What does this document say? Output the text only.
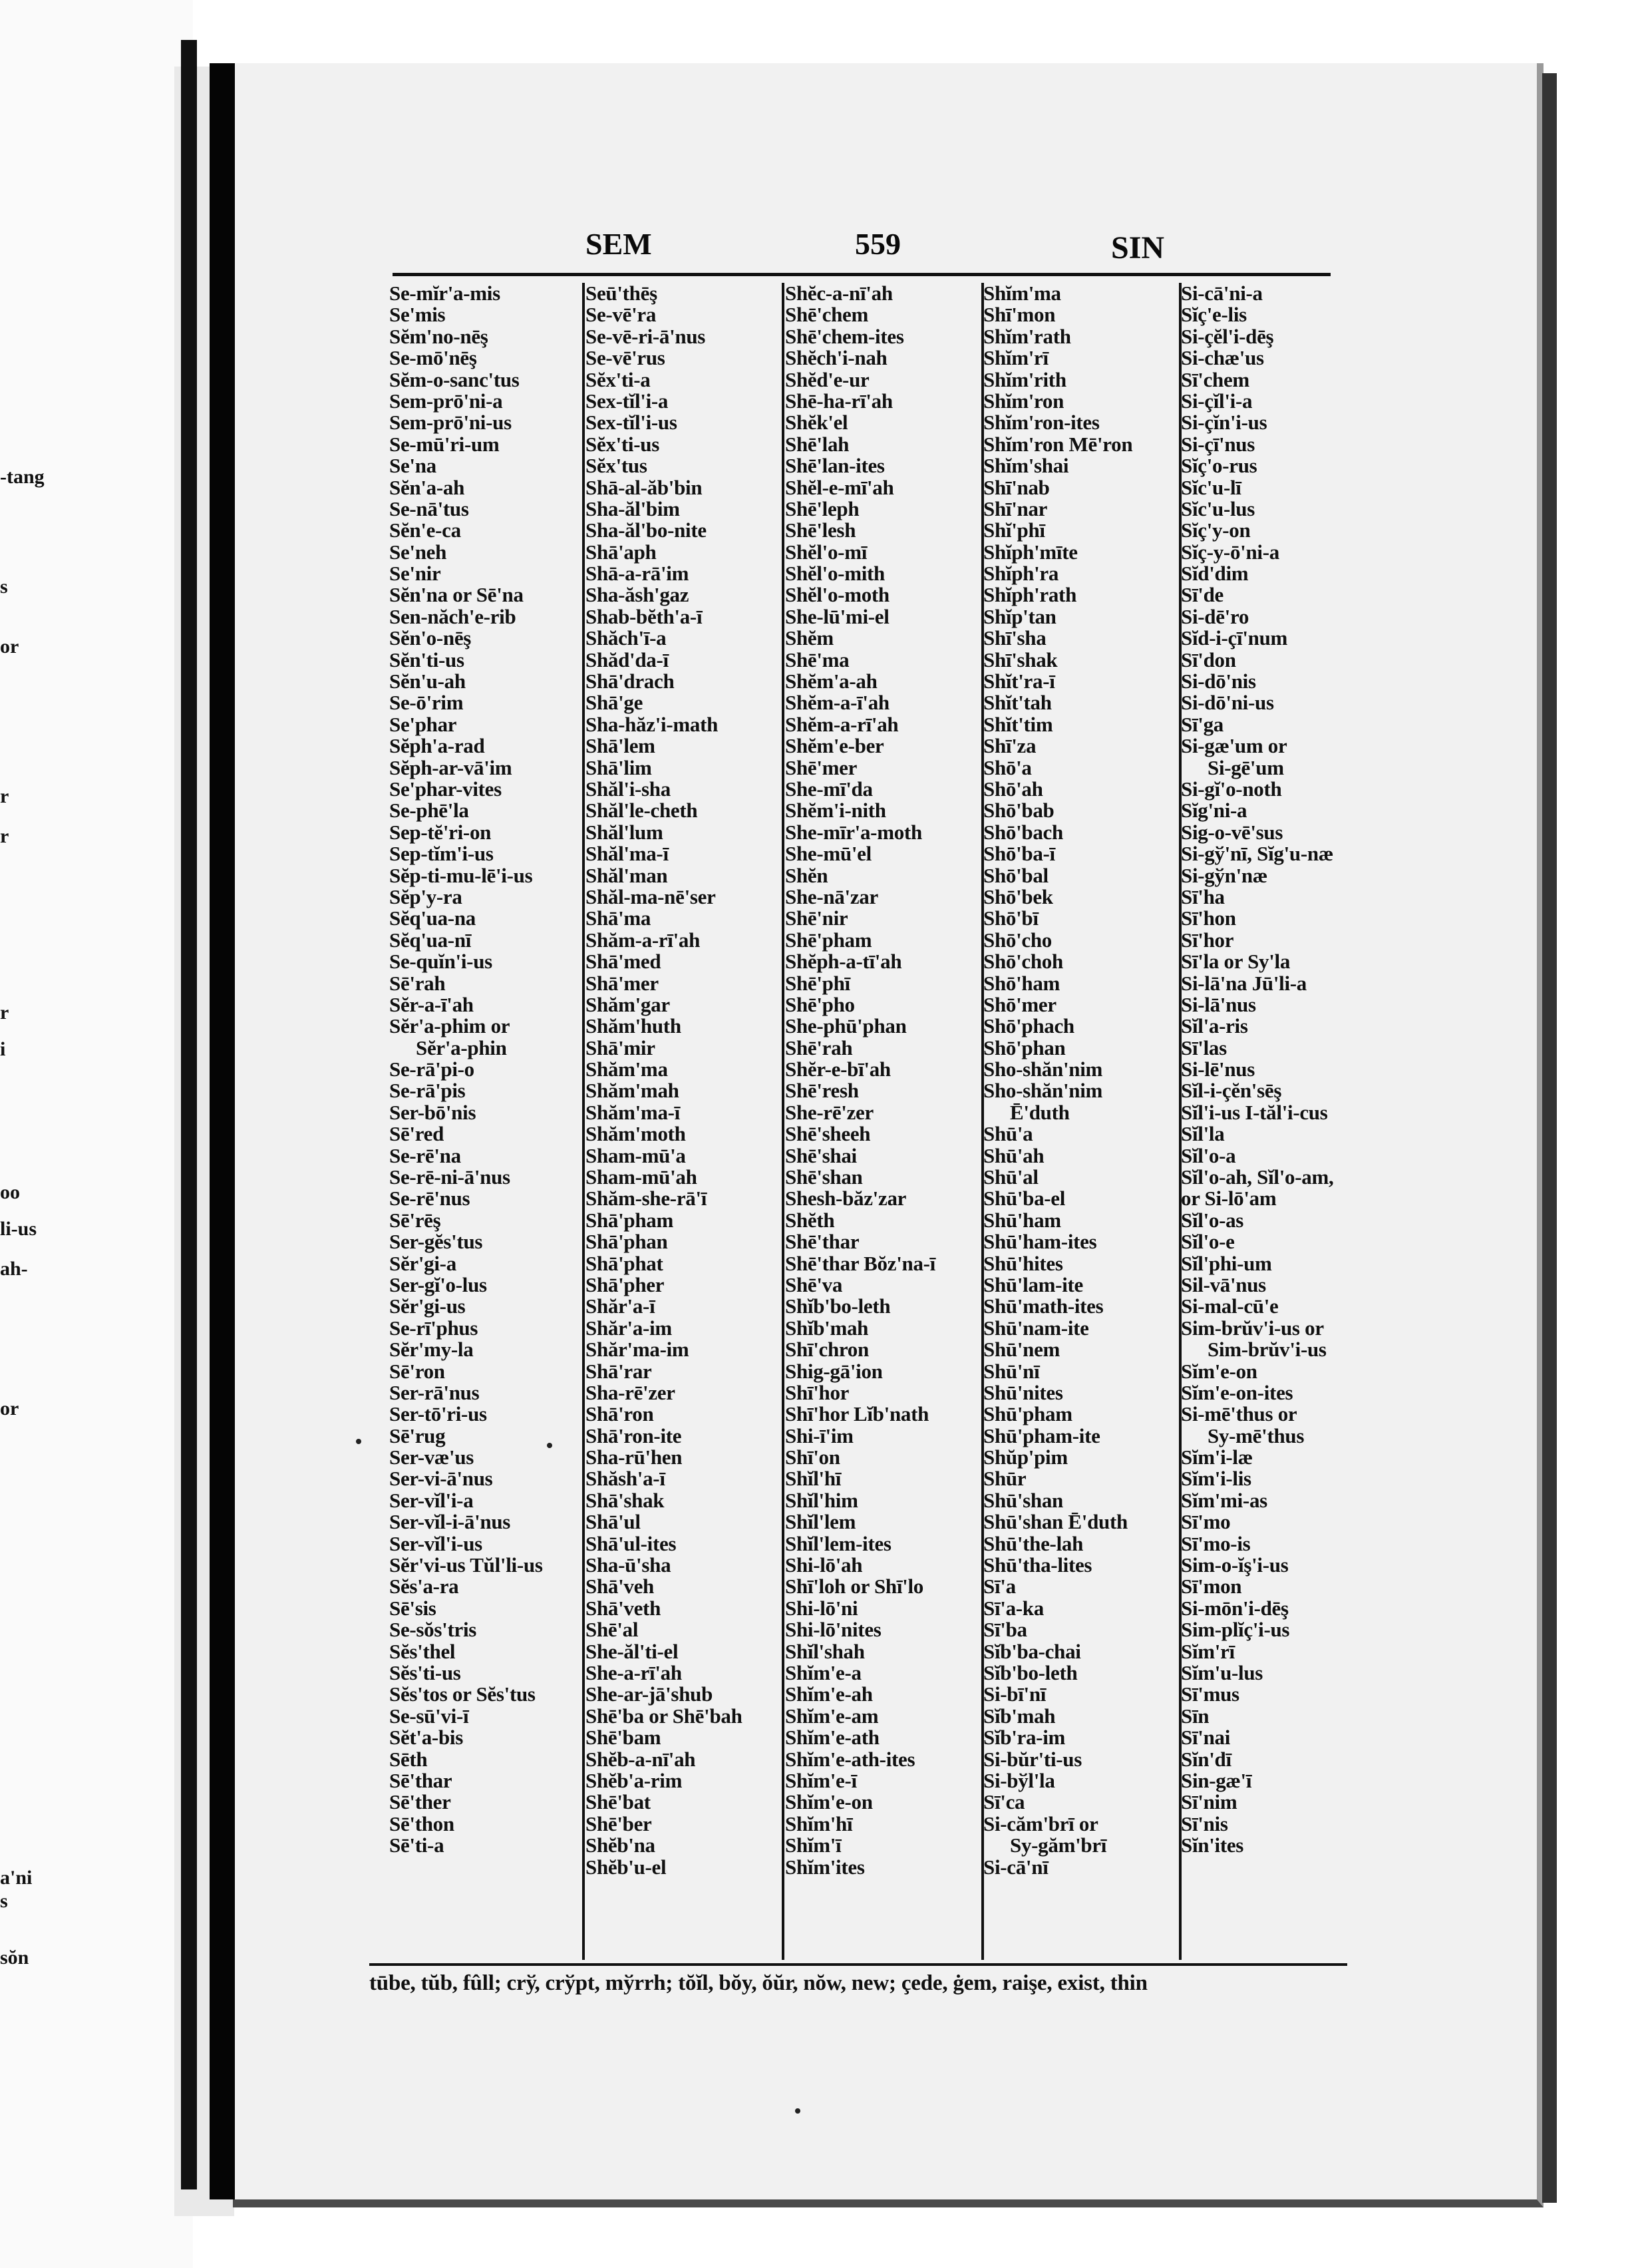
-tang
s
or
r
r
r
i
oo
li-us
ah-
or
a'ni
s
sŏn
SEM	559	SIN
Se-mĭr'a-mis
Se'mis
Sĕm'no-nēş
Se-mō'nēş
Sĕm-o-sanc'tus
Sem-prō'ni-a
Sem-prō'ni-us
Se-mū'ri-um
Se'na
Sĕn'a-ah
Se-nā'tus
Sĕn'e-ca
Se'neh
Se'nir
Sĕn'na or Sē'na
Sen-năch'e-rib
Sĕn'o-nēş
Sĕn'ti-us
Sĕn'u-ah
Se-ō'rim
Se'phar
Sĕph'a-rad
Sĕph-ar-vā'im
Se'phar-vites
Se-phē'la
Sep-tĕ'ri-on
Sep-tĭm'i-us
Sĕp-ti-mu-lē'i-us
Sĕp'y-ra
Sĕq'ua-na
Sĕq'ua-nī
Se-quĭn'i-us
Sē'rah
Sĕr-a-ī'ah
Sĕr'a-phim or
Sĕr'a-phin
Se-rā'pi-o
Se-rā'pis
Ser-bō'nis
Sē'red
Se-rē'na
Se-rē-ni-ā'nus
Se-rē'nus
Sē'rēş
Ser-gĕs'tus
Sĕr'gi-a
Ser-gĭ'o-lus
Sĕr'gi-us
Se-rī'phus
Sĕr'my-la
Sē'ron
Ser-rā'nus
Ser-tō'ri-us
Sē'rug
Ser-væ'us
Ser-vi-ā'nus
Ser-vĭl'i-a
Ser-vĭl-i-ā'nus
Ser-vĭl'i-us
Sĕr'vi-us Tŭl'li-us
Sĕs'a-ra
Sē'sis
Se-sŏs'tris
Sĕs'thel
Sĕs'ti-us
Sĕs'tos or Sĕs'tus
Se-sū'vi-ī
Sĕt'a-bis
Sēth
Sē'thar
Sē'ther
Sē'thon
Sē'ti-a
Seū'thēş
Se-vē'ra
Se-vē-ri-ā'nus
Se-vē'rus
Sĕx'ti-a
Sex-tĭl'i-a
Sex-tĭl'i-us
Sĕx'ti-us
Sĕx'tus
Shā-al-ăb'bin
Sha-ăl'bim
Sha-ăl'bo-nite
Shā'aph
Shā-a-rā'im
Sha-ăsh'gaz
Shab-bĕth'a-ī
Shăch'ī-a
Shăd'da-ī
Shā'drach
Shā'ge
Sha-hăz'i-math
Shā'lem
Shā'lim
Shăl'i-sha
Shăl'le-cheth
Shăl'lum
Shăl'ma-ī
Shăl'man
Shăl-ma-nē'ser
Shā'ma
Shăm-a-rī'ah
Shā'med
Shā'mer
Shăm'gar
Shăm'huth
Shā'mir
Shăm'ma
Shăm'mah
Shăm'ma-ī
Shăm'moth
Sham-mū'a
Sham-mū'ah
Shăm-she-rā'ī
Shā'pham
Shā'phan
Shā'phat
Shā'pher
Shăr'a-ī
Shăr'a-im
Shăr'ma-im
Shā'rar
Sha-rē'zer
Shā'ron
Shā'ron-ite
Sha-rū'hen
Shăsh'a-ī
Shā'shak
Shā'ul
Shā'ul-ites
Sha-ū'sha
Shā'veh
Shā'veth
Shē'al
She-ăl'ti-el
She-a-rī'ah
She-ar-jā'shub
Shē'ba or Shē'bah
Shē'bam
Shĕb-a-nī'ah
Shĕb'a-rim
Shē'bat
Shē'ber
Shĕb'na
Shĕb'u-el
Shĕc-a-nī'ah
Shē'chem
Shē'chem-ites
Shĕch'i-nah
Shĕd'e-ur
Shē-ha-rī'ah
Shĕk'el
Shē'lah
Shē'lan-ites
Shĕl-e-mī'ah
Shē'leph
Shē'lesh
Shĕl'o-mī
Shĕl'o-mith
Shĕl'o-moth
She-lū'mi-el
Shĕm
Shē'ma
Shĕm'a-ah
Shĕm-a-ī'ah
Shĕm-a-rī'ah
Shĕm'e-ber
Shē'mer
She-mī'da
Shĕm'i-nith
She-mīr'a-moth
She-mū'el
Shĕn
She-nā'zar
Shē'nir
Shē'pham
Shĕph-a-tī'ah
Shē'phī
Shē'pho
She-phū'phan
Shē'rah
Shĕr-e-bī'ah
Shē'resh
She-rē'zer
Shē'sheeh
Shē'shai
Shē'shan
Shesh-băz'zar
Shĕth
Shē'thar
Shē'thar Bŏz'na-ī
Shē'va
Shĭb'bo-leth
Shĭb'mah
Shī'chron
Shig-gā'ion
Shī'hor
Shī'hor Lĭb'nath
Shi-ī'im
Shī'on
Shĭl'hī
Shĭl'him
Shĭl'lem
Shĭl'lem-ites
Shi-lō'ah
Shī'loh or Shī'lo
Shi-lō'ni
Shi-lō'nites
Shĭl'shah
Shĭm'e-a
Shĭm'e-ah
Shĭm'e-am
Shĭm'e-ath
Shĭm'e-ath-ites
Shĭm'e-ī
Shĭm'e-on
Shĭm'hī
Shĭm'ī
Shĭm'ites
Shĭm'ma
Shī'mon
Shĭm'rath
Shĭm'rī
Shĭm'rith
Shĭm'ron
Shĭm'ron-ites
Shĭm'ron Mē'ron
Shĭm'shai
Shī'nab
Shī'nar
Shĭ'phī
Shĭph'mīte
Shĭph'ra
Shĭph'rath
Shĭp'tan
Shī'sha
Shī'shak
Shĭt'ra-ī
Shĭt'tah
Shĭt'tim
Shī'za
Shō'a
Shō'ah
Shō'bab
Shō'bach
Shō'ba-ī
Shō'bal
Shō'bek
Shō'bī
Shō'cho
Shō'choh
Shō'ham
Shō'mer
Shō'phach
Shō'phan
Sho-shăn'nim
Sho-shăn'nim
Ē'duth
Shū'a
Shū'ah
Shū'al
Shū'ba-el
Shū'ham
Shū'ham-ites
Shū'hites
Shū'lam-ite
Shū'math-ites
Shū'nam-ite
Shū'nem
Shū'nī
Shū'nites
Shū'pham
Shū'pham-ite
Shŭp'pim
Shūr
Shū'shan
Shū'shan Ē'duth
Shū'the-lah
Shū'tha-lites
Sī'a
Sī'a-ka
Sī'ba
Sĭb'ba-chai
Sĭb'bo-leth
Si-bī'nī
Sĭb'mah
Sĭb'ra-im
Si-bŭr'ti-us
Si-bўl'la
Sī'ca
Si-căm'brī or
Sy-găm'brī
Si-cā'nī
Si-cā'ni-a
Sĭç'e-lis
Si-çĕl'i-dēş
Si-chæ'us
Sī'chem
Si-çĭl'i-a
Si-çĭn'i-us
Si-çī'nus
Sĭç'o-rus
Sĭc'u-lī
Sĭc'u-lus
Sĭç'y-on
Sĭç-y-ō'ni-a
Sĭd'dim
Sī'de
Si-dē'ro
Sĭd-i-çī'num
Sī'don
Si-dō'nis
Si-dō'ni-us
Sī'ga
Si-gæ'um or
Si-gē'um
Si-gĭ'o-noth
Sĭg'ni-a
Sig-o-vē'sus
Si-gў'nī, Sĭg'u-næ
Si-gўn'næ
Sī'ha
Sī'hon
Sī'hor
Sī'la or Sy'la
Si-lā'na Jū'li-a
Si-lā'nus
Sĭl'a-ris
Sī'las
Si-lē'nus
Sĭl-i-çĕn'sēş
Sĭl'i-us I-tăl'i-cus
Sĭl'la
Sĭl'o-a
Sĭl'o-ah, Sĭl'o-am,
or Si-lō'am
Sĭl'o-as
Sĭl'o-e
Sĭl'phi-um
Sil-vā'nus
Si-mal-cū'e
Sim-brŭv'i-us or
Sim-brŭv'i-us
Sĭm'e-on
Sĭm'e-on-ites
Si-mē'thus or
Sy-mē'thus
Sĭm'i-læ
Sĭm'i-lis
Sĭm'mi-as
Sī'mo
Sī'mo-is
Sim-o-ĭş'i-us
Sī'mon
Si-mōn'i-dēş
Sim-plĭç'i-us
Sĭm'rī
Sĭm'u-lus
Sī'mus
Sīn
Sī'nai
Sĭn'dī
Sin-gæ'ī
Sī'nim
Sī'nis
Sĭn'ites
tūbe, tŭb, fûll; crў, crўpt, mўrrh; tŏĭl, bŏy, ŏŭr, nŏw, new; çede, ġem, raişe, exist, thin
